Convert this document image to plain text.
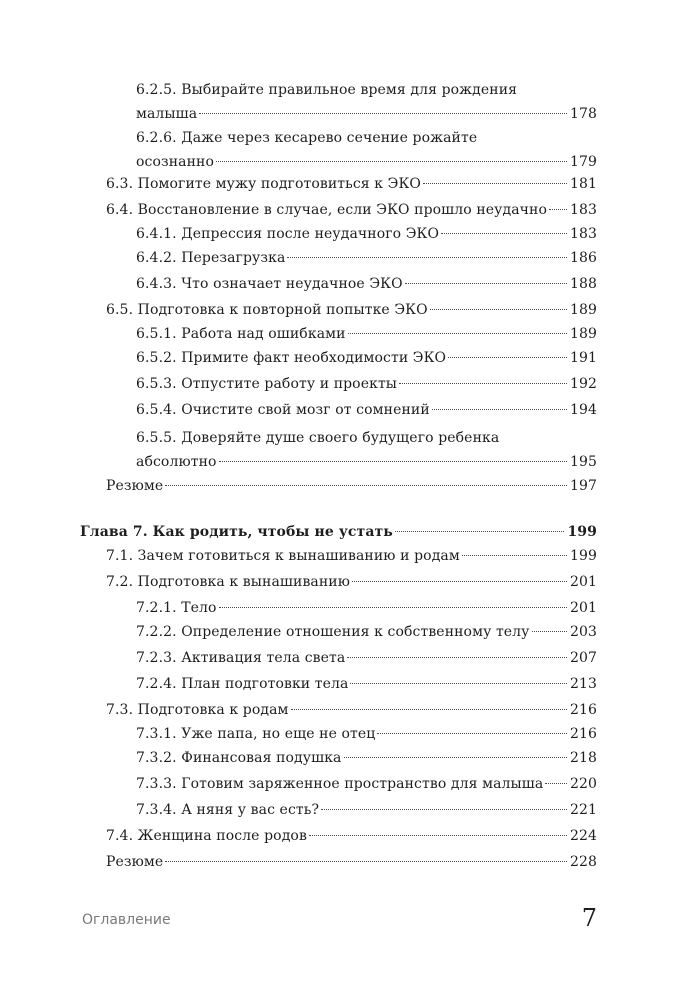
6.2.5. Выбирайте правильное время для рождения
малыша	178
6.2.6. Даже через кесарево сечение рожайте
осознанно	179
6.3. Помогите мужу подготовиться к ЭКО	181
6.4. Восстановление в случае, если ЭКО прошло неудачно 183
6.4.1. Депрессия после неудачного ЭКО	183
6.4.2. Перезагрузка	186
6.4.3. Что означает неудачное ЭКО	188
6.5. Подготовка к повторной попытке ЭКО	189
6.5.1. Работа над ошибками	189
6.5.2. Примите факт необходимости ЭКО	191
6.5.3. Отпустите работу и проекты	192
6.5.4. Очистите свой мозг от сомнений	194
6.5.5. Доверяйте душе своего будущего ребенка
абсолютно	195
Резюме	197
Глава 7. Как родить, чтобы не устать	199
7.1. Зачем готовиться к вынашиванию и родам	199
7.2. Подготовка к вынашиванию	201
7.2.1. Тело	201
7.2.2. Определение отношения к собственному телу	203
7.2.3. Активация тела света	207
7.2.4. План подготовки тела	213
7.3. Подготовка к родам	216
7.3.1. Уже папа, но еще не отец	216
7.3.2. Финансовая подушка	218
7.3.3. Готовим заряженное пространство для малыша 220
7.3.4. А няня у вас есть?	221
7.4. Женщина после родов	224
Резюме	228
Оглавление	7
